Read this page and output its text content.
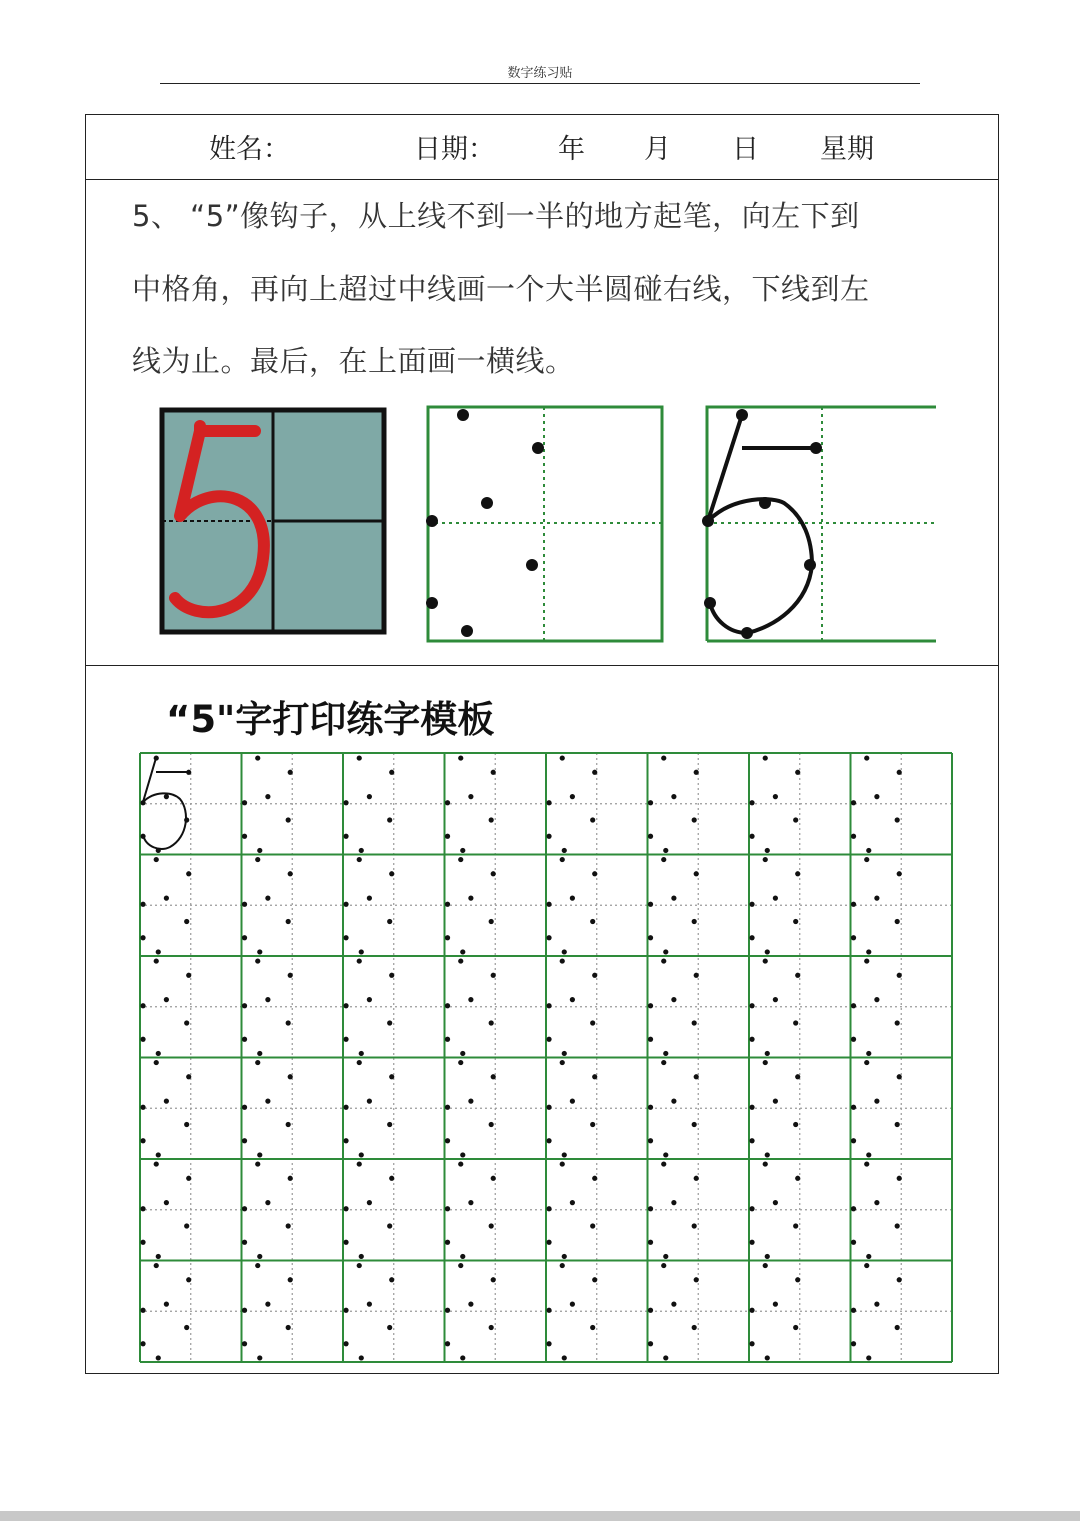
数字练习贴
姓名：	日期： 年 月 日 星期
5、 “5”像钩子，从上线不到一半的地方起笔，向左下到
中格角，再向上超过中线画一个大半圆碰右线，下线到左
线为止。最后，在上面画一横线。
“5"字打印练字模板
